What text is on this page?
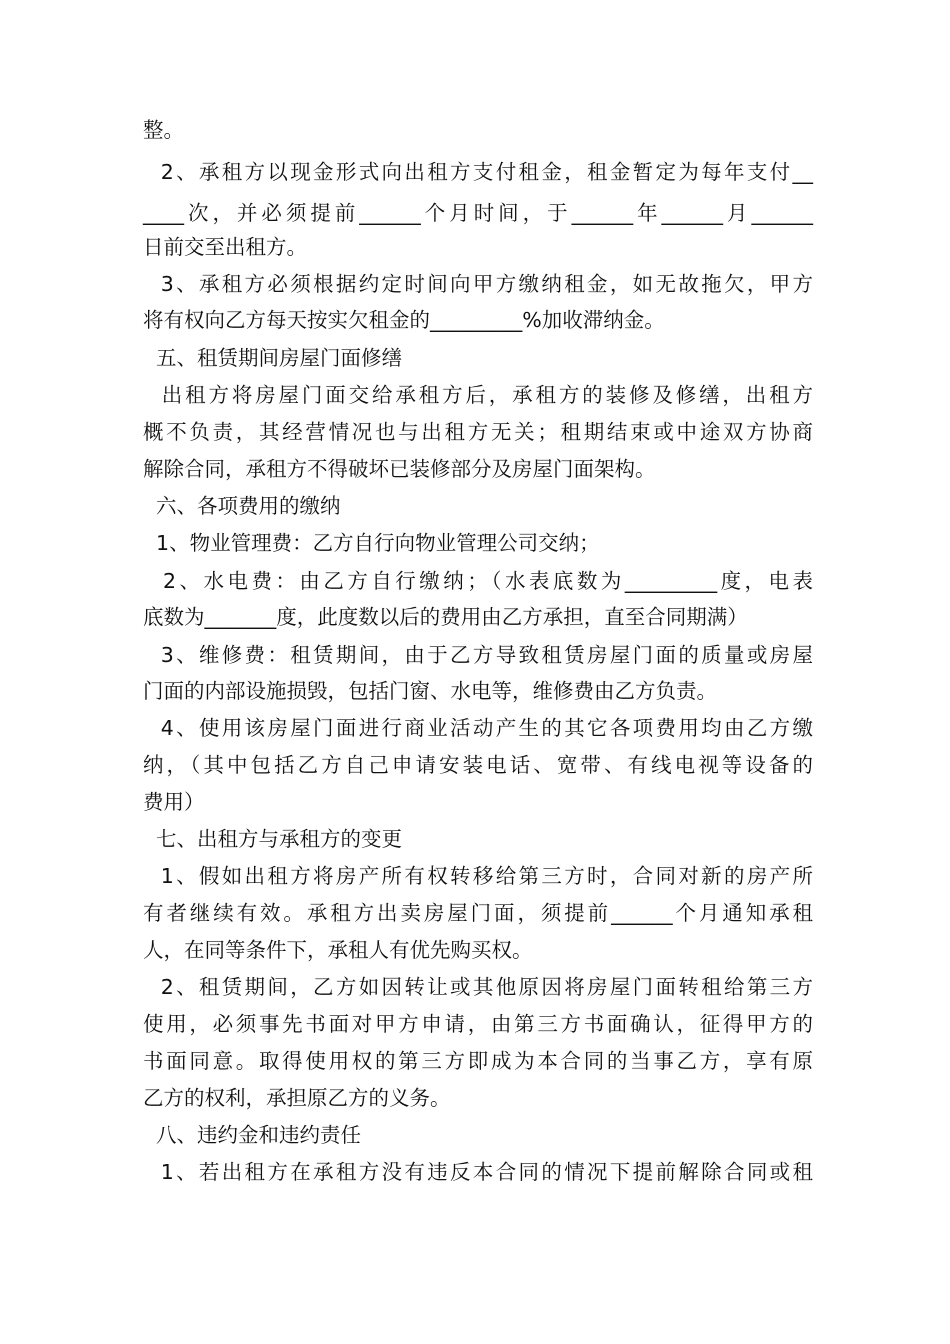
整。
2、承租方以现金形式向出租方支付租金，租金暂定为每年支付__
____次，并必须提前______个月时间，于______年______月______
日前交至出租方。
3、承租方必须根据约定时间向甲方缴纳租金，如无故拖欠，甲方
将有权向乙方每天按实欠租金的_________%加收滞纳金。
五、租赁期间房屋门面修缮
出租方将房屋门面交给承租方后，承租方的装修及修缮，出租方
概不负责，其经营情况也与出租方无关；租期结束或中途双方协商
解除合同，承租方不得破坏已装修部分及房屋门面架构。
六、各项费用的缴纳
1、物业管理费：乙方自行向物业管理公司交纳；
2、水电费：由乙方自行缴纳；（水表底数为_________度，电表
底数为_______度，此度数以后的费用由乙方承担，直至合同期满）
3、维修费：租赁期间，由于乙方导致租赁房屋门面的质量或房屋
门面的内部设施损毁，包括门窗、水电等，维修费由乙方负责。
4、使用该房屋门面进行商业活动产生的其它各项费用均由乙方缴
纳，（其中包括乙方自己申请安装电话、宽带、有线电视等设备的
费用）
七、出租方与承租方的变更
1、假如出租方将房产所有权转移给第三方时，合同对新的房产所
有者继续有效。承租方出卖房屋门面，须提前______个月通知承租
人，在同等条件下，承租人有优先购买权。
2、租赁期间，乙方如因转让或其他原因将房屋门面转租给第三方
使用，必须事先书面对甲方申请，由第三方书面确认，征得甲方的
书面同意。取得使用权的第三方即成为本合同的当事乙方，享有原
乙方的权利，承担原乙方的义务。
八、违约金和违约责任
1、若出租方在承租方没有违反本合同的情况下提前解除合同或租
